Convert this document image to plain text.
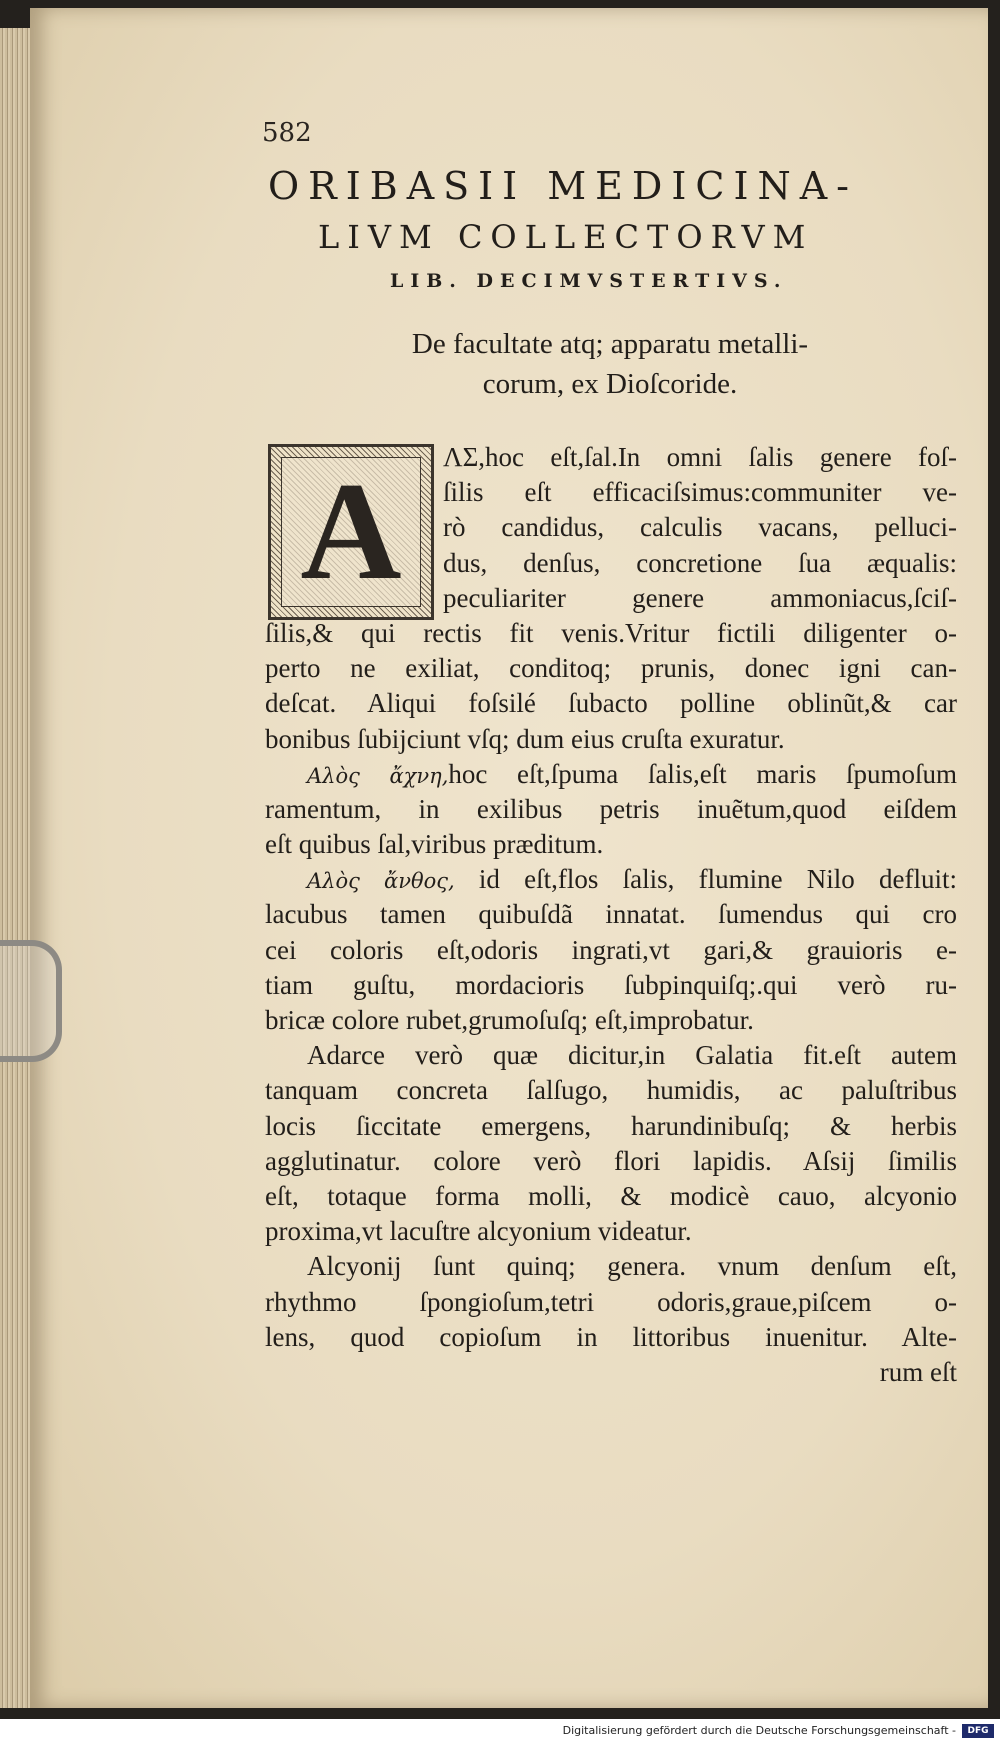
582
ORIBASII MEDICINA-
LIVM COLLECTORVM
LIB. DECIMVSTERTIVS.
De facultate atq; apparatu metalli-
corum, ex Dioſcoride.
A	ΛΣ,hoc eſt,ſal.In omni ſalis genere foſ-
ſilis eſt efficaciſsimus:communiter ve-
rò candidus, calculis vacans, pelluci-
dus, denſus, concretione ſua æqualis:
peculiariter genere ammoniacus,ſciſ-
ſilis,& qui rectis fit venis.Vritur fictili diligenter o-
perto ne exiliat, conditoq; prunis, donec igni can-
deſcat. Aliqui foſsilé ſubacto polline oblinũt,& car
bonibus ſubijciunt vſq; dum eius cruſta exuratur.
Αλὸς ἄχνη,hoc eſt,ſpuma ſalis,eſt maris ſpumoſum
ramentum, in exilibus petris inuẽtum,quod eiſdem
eſt quibus ſal,viribus præditum.
Αλὸς ἄνθος, id eſt,flos ſalis, flumine Nilo defluit:
lacubus tamen quibuſdã innatat. ſumendus qui cro
cei coloris eſt,odoris ingrati,vt gari,& grauioris e-
tiam guſtu, mordacioris ſubpinquiſq;.qui verò ru-
bricæ colore rubet,grumoſuſq; eſt,improbatur.
Adarce verò quæ dicitur,in Galatia fit.eſt autem
tanquam concreta ſalſugo, humidis, ac paluſtribus
locis ſiccitate emergens, harundinibuſq; & herbis
agglutinatur. colore verò flori lapidis. Aſsij ſimilis
eſt, totaque forma molli, & modicè cauo, alcyonio
proxima,vt lacuſtre alcyonium videatur.
Alcyonij ſunt quinq; genera. vnum denſum eſt,
rhythmo ſpongioſum,tetri odoris,graue,piſcem o-
lens, quod copioſum in littoribus inuenitur. Alte-
rum eſt
Digitalisierung gefördert durch die Deutsche Forschungsgemeinschaft -	DFG
